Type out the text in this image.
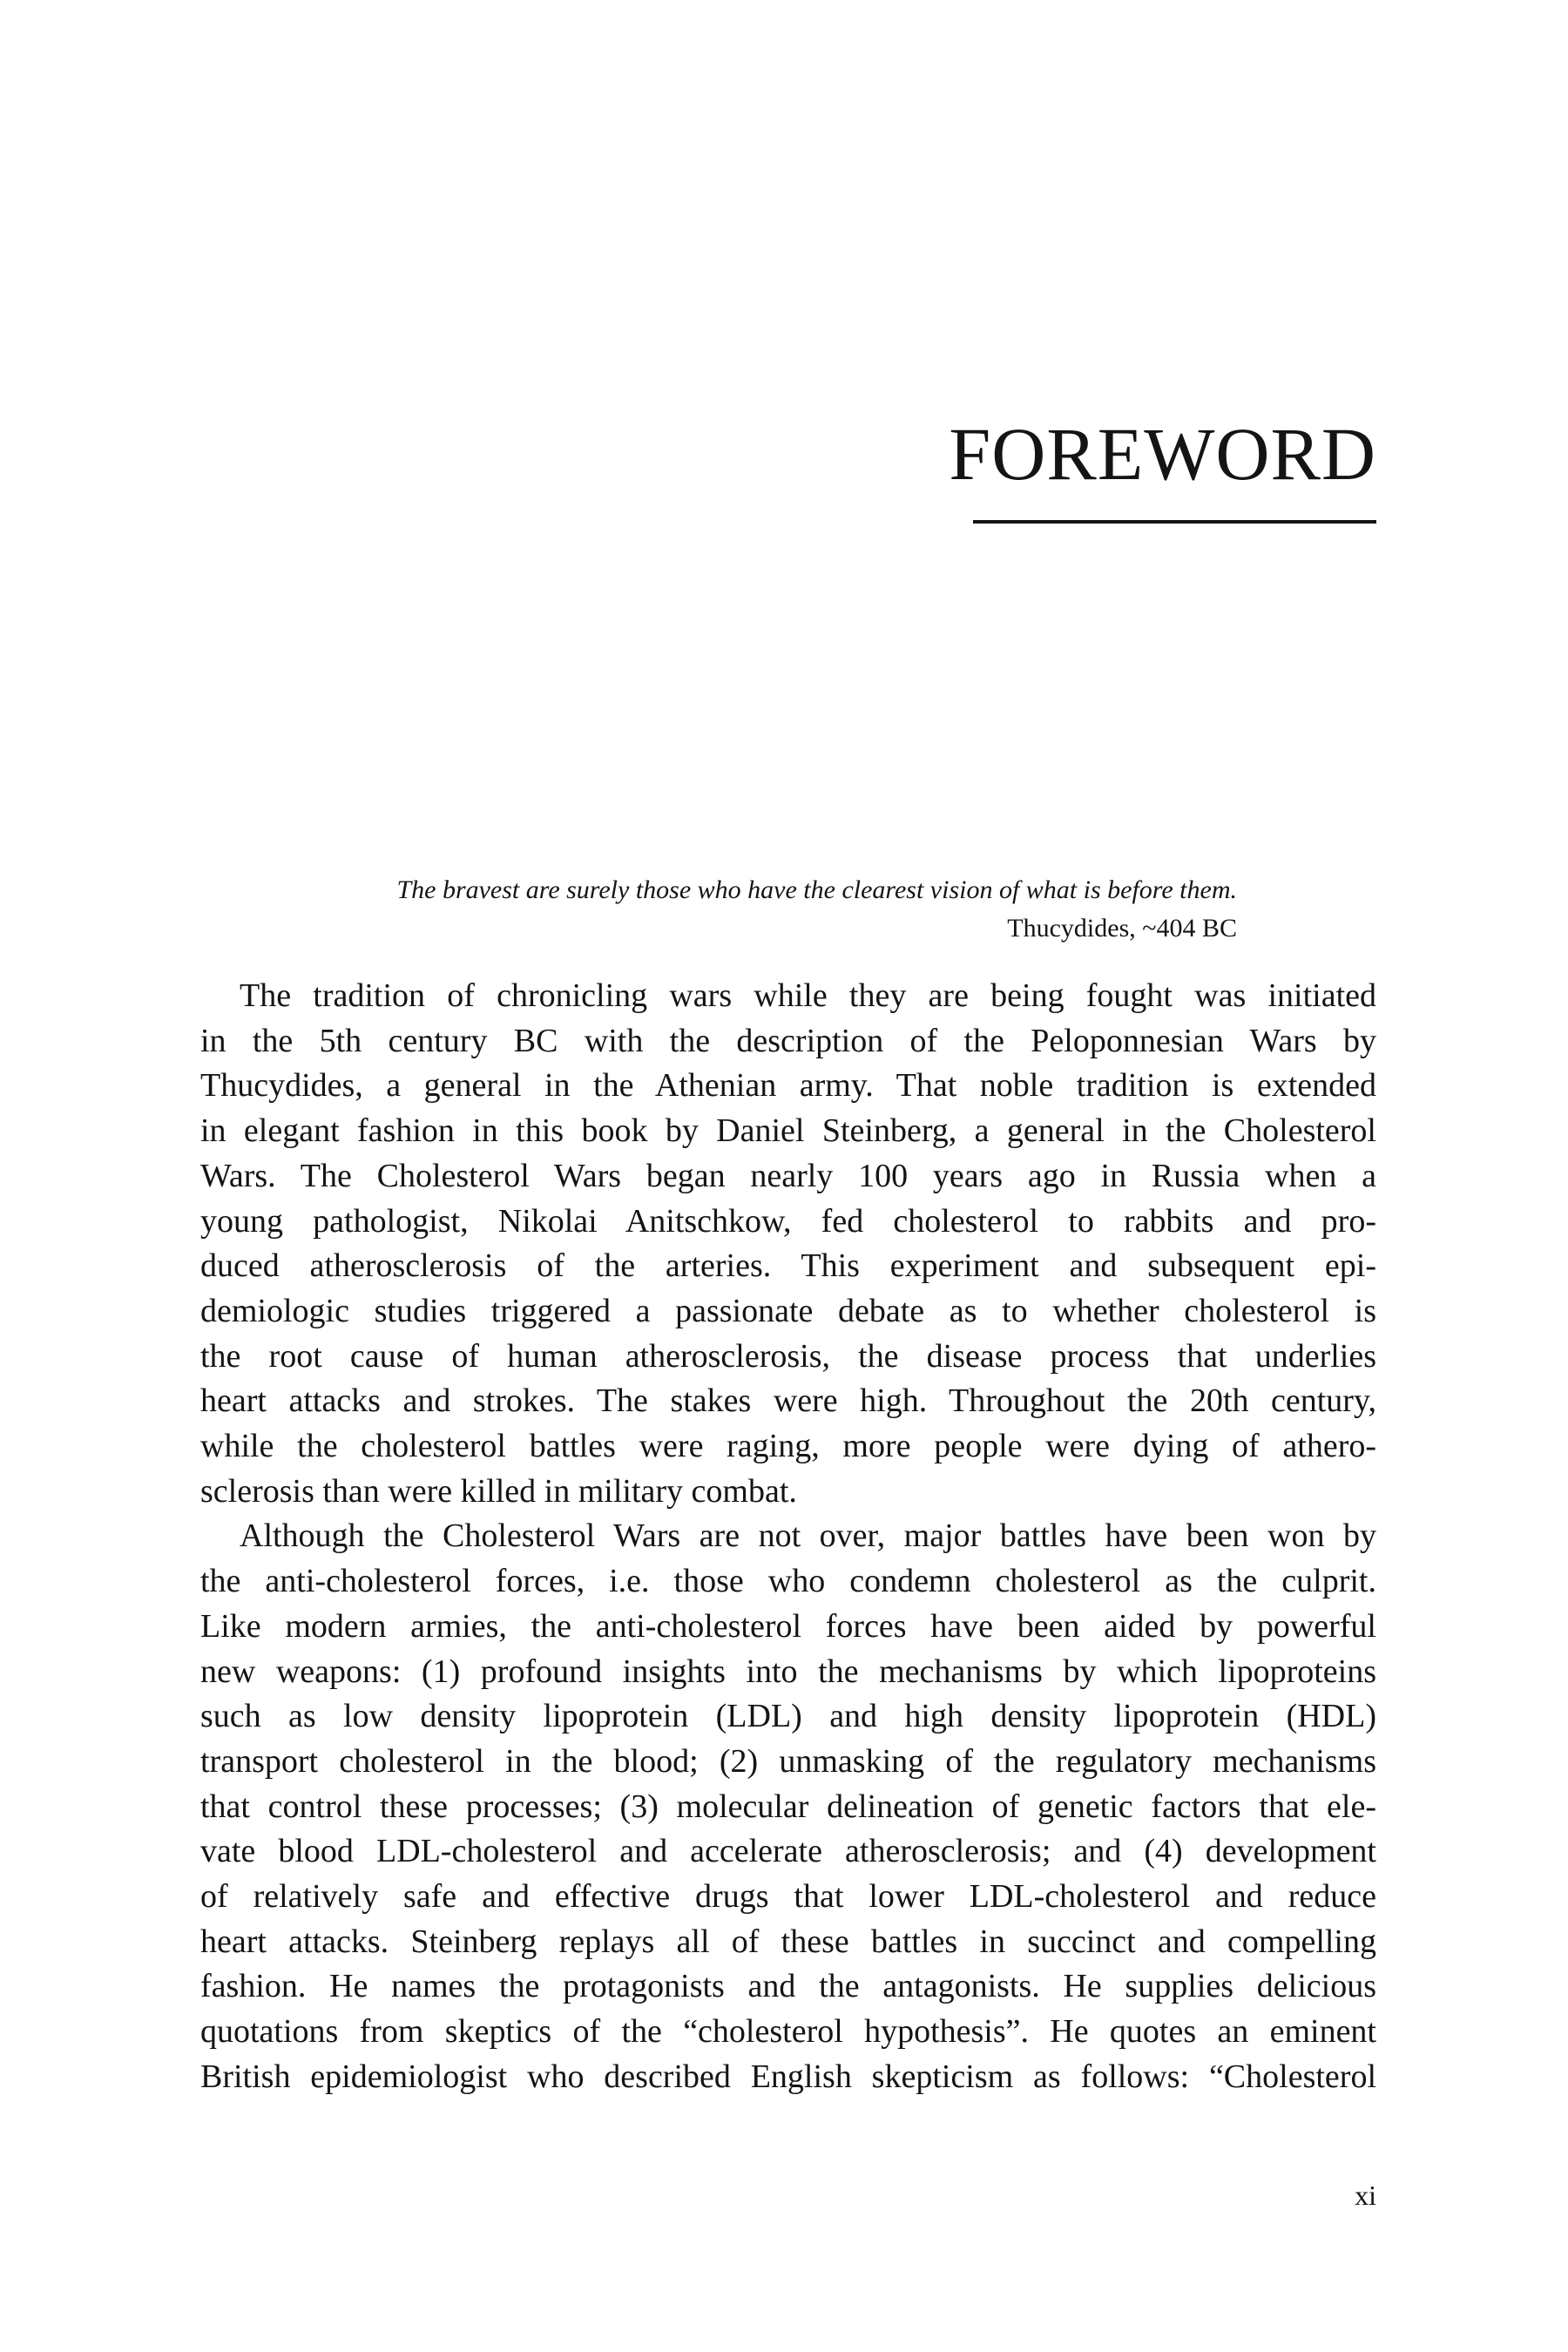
FOREWORD
The bravest are surely those who have the clearest vision of what is before them.
Thucydides, ~404 BC
The tradition of chronicling wars while they are being fought was initiated
in the 5th century BC with the description of the Peloponnesian Wars by
Thucydides, a general in the Athenian army. That noble tradition is extended
in elegant fashion in this book by Daniel Steinberg, a general in the Cholesterol
Wars. The Cholesterol Wars began nearly 100 years ago in Russia when a
young pathologist, Nikolai Anitschkow, fed cholesterol to rabbits and pro-
duced atherosclerosis of the arteries. This experiment and subsequent epi-
demiologic studies triggered a passionate debate as to whether cholesterol is
the root cause of human atherosclerosis, the disease process that underlies
heart attacks and strokes. The stakes were high. Throughout the 20th century,
while the cholesterol battles were raging, more people were dying of athero-
sclerosis than were killed in military combat.
Although the Cholesterol Wars are not over, major battles have been won by
the anti-cholesterol forces, i.e. those who condemn cholesterol as the culprit.
Like modern armies, the anti-cholesterol forces have been aided by powerful
new weapons: (1) profound insights into the mechanisms by which lipoproteins
such as low density lipoprotein (LDL) and high density lipoprotein (HDL)
transport cholesterol in the blood; (2) unmasking of the regulatory mechanisms
that control these processes; (3) molecular delineation of genetic factors that ele-
vate blood LDL-cholesterol and accelerate atherosclerosis; and (4) development
of relatively safe and effective drugs that lower LDL-cholesterol and reduce
heart attacks. Steinberg replays all of these battles in succinct and compelling
fashion. He names the protagonists and the antagonists. He supplies delicious
quotations from skeptics of the “cholesterol hypothesis”. He quotes an eminent
British epidemiologist who described English skepticism as follows: “Cholesterol
xi
